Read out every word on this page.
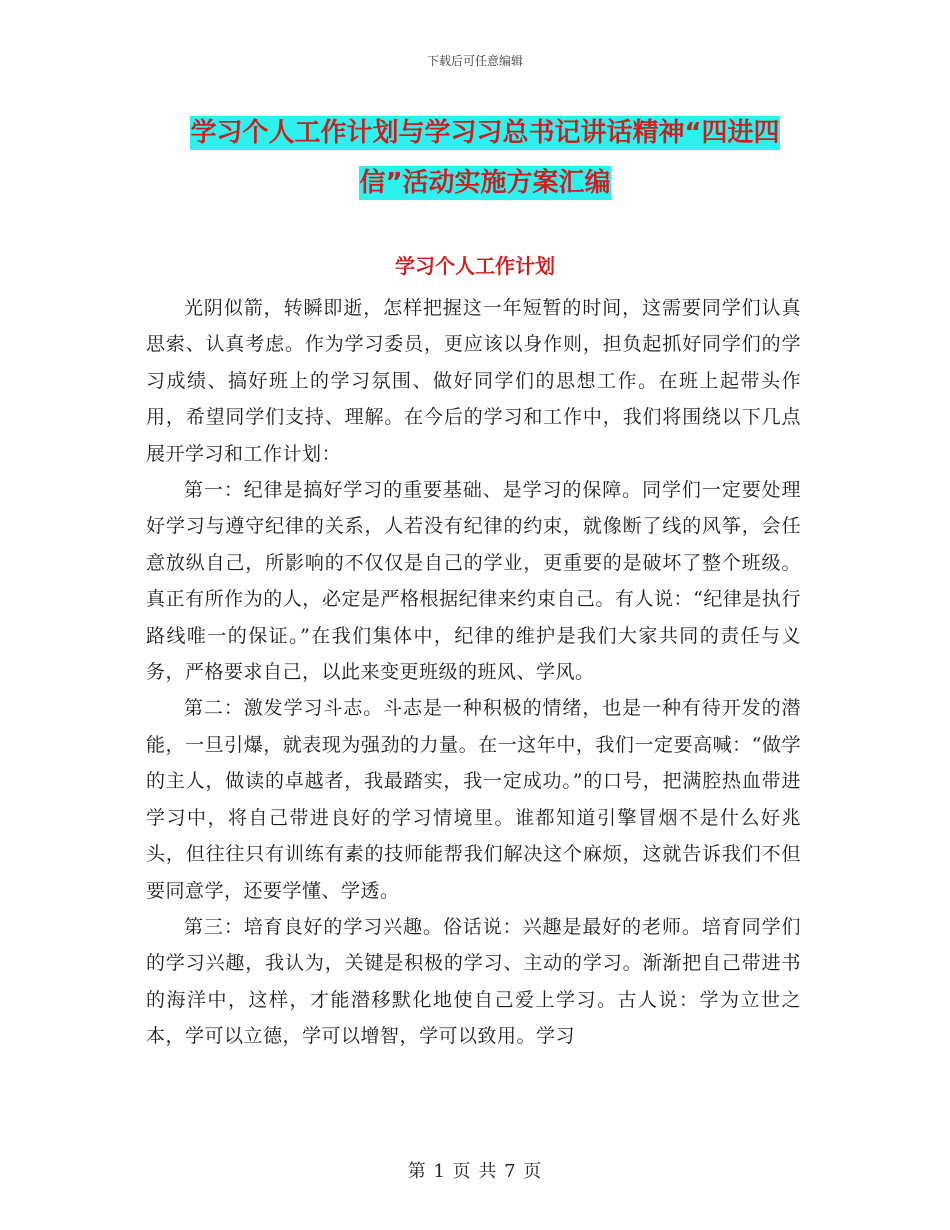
下载后可任意编辑
学习个人工作计划与学习习总书记讲话精神“四进四
信”活动实施方案汇编
学习个人工作计划

光阴似箭，转瞬即逝，怎样把握这一年短暂的时间，这需要同学们认真思索、认真考虑。作为学习委员，更应该以身作则，担负起抓好同学们的学习成绩、搞好班上的学习氛围、做好同学们的思想工作。在班上起带头作用，希望同学们支持、理解。在今后的学习和工作中，我们将围绕以下几点展开学习和工作计划：

第一：纪律是搞好学习的重要基础、是学习的保障。同学们一定要处理好学习与遵守纪律的关系，人若没有纪律的约束，就像断了线的风筝，会任意放纵自己，所影响的不仅仅是自己的学业，更重要的是破坏了整个班级。真正有所作为的人，必定是严格根据纪律来约束自己。有人说：“纪律是执行路线唯一的保证。”在我们集体中，纪律的维护是我们大家共同的责任与义务，严格要求自己，以此来变更班级的班风、学风。

第二：激发学习斗志。斗志是一种积极的情绪，也是一种有待开发的潜能，一旦引爆，就表现为强劲的力量。在一这年中，我们一定要高喊：“做学的主人，做读的卓越者，我最踏实，我一定成功。”的口号，把满腔热血带进学习中，将自己带进良好的学习情境里。谁都知道引擎冒烟不是什么好兆头，但往往只有训练有素的技师能帮我们解决这个麻烦，这就告诉我们不但要同意学，还要学懂、学透。

第三：培育良好的学习兴趣。俗话说：兴趣是最好的老师。培育同学们的学习兴趣，我认为，关键是积极的学习、主动的学习。渐渐把自己带进书的海洋中，这样，才能潜移默化地使自己爱上学习。古人说：学为立世之本，学可以立德，学可以增智，学可以致用。学习

第 1 页 共 7 页
